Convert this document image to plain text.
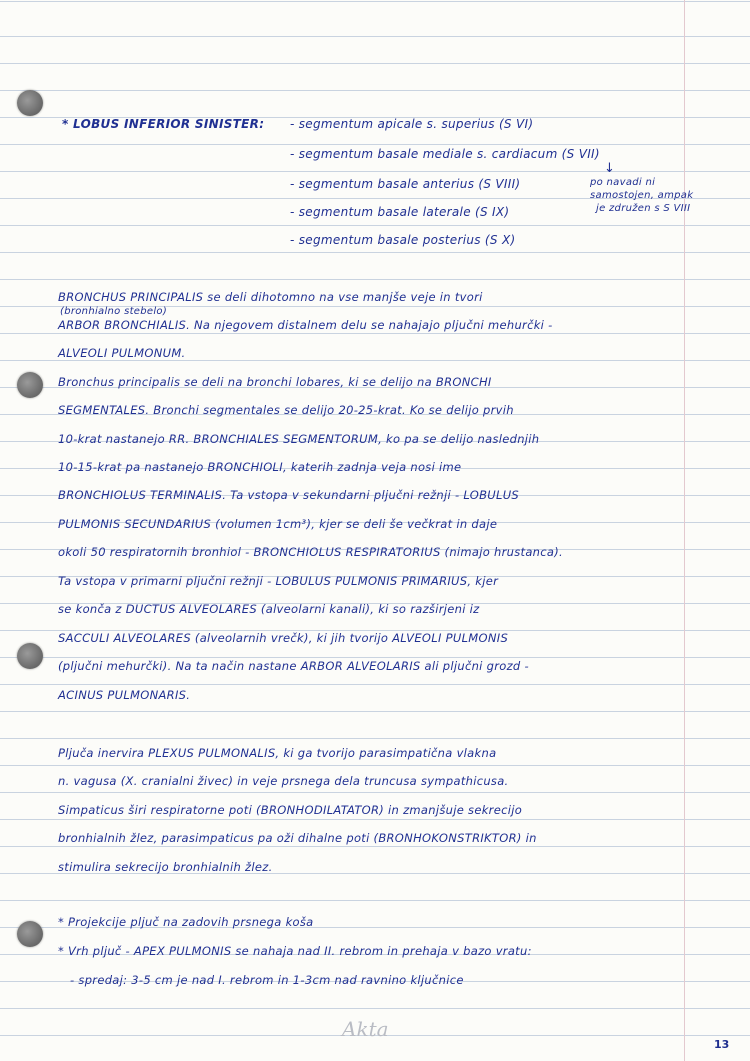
* LOBUS INFERIOR SINISTER: - segmentum apicale s. superius (S VI)
- segmentum basale mediale s. cardiacum (S VII)
- segmentum basale anterius (S VIII)
- segmentum basale laterale (S IX)
- segmentum basale posterius (S X)
↓
po navadi ni
samostojen, ampak
je združen s S VIII
BRONCHUS PRINCIPALIS se deli dihotomno na vse manjše veje in tvori
(bronhialno stebelo)
ARBOR BRONCHIALIS. Na njegovem distalnem delu se nahajajo pljučni mehurčki -
ALVEOLI PULMONUM.
Bronchus principalis se deli na bronchi lobares, ki se delijo na BRONCHI
SEGMENTALES. Bronchi segmentales se delijo 20-25-krat. Ko se delijo prvih
10-krat nastanejo RR. BRONCHIALES SEGMENTORUM, ko pa se delijo naslednjih
10-15-krat pa nastanejo BRONCHIOLI, katerih zadnja veja nosi ime
BRONCHIOLUS TERMINALIS. Ta vstopa v sekundarni pljučni režnji - LOBULUS
PULMONIS SECUNDARIUS (volumen 1cm³), kjer se deli še večkrat in daje
okoli 50 respiratornih bronhiol - BRONCHIOLUS RESPIRATORIUS (nimajo hrustanca).
Ta vstopa v primarni pljučni režnji - LOBULUS PULMONIS PRIMARIUS, kjer
se konča z DUCTUS ALVEOLARES (alveolarni kanali), ki so razširjeni iz
SACCULI ALVEOLARES (alveolarnih vrečk), ki jih tvorijo ALVEOLI PULMONIS
(pljučni mehurčki). Na ta način nastane ARBOR ALVEOLARIS ali pljučni grozd -
ACINUS PULMONARIS.
Pljuča inervira PLEXUS PULMONALIS, ki ga tvorijo parasimpatična vlakna
n. vagusa (X. cranialni živec) in veje prsnega dela truncusa sympathicusa.
Simpaticus širi respiratorne poti (BRONHODILATATOR) in zmanjšuje sekrecijo
bronhialnih žlez, parasimpaticus pa oži dihalne poti (BRONHOKONSTRIKTOR) in
stimulira sekrecijo bronhialnih žlez.
* Projekcije pljuč na zadovih prsnega koša
* Vrh pljuč - APEX PULMONIS se nahaja nad II. rebrom in prehaja v bazo vratu:
- spredaj: 3-5 cm je nad I. rebrom in 1-3cm nad ravnino ključnice
Akta
13
